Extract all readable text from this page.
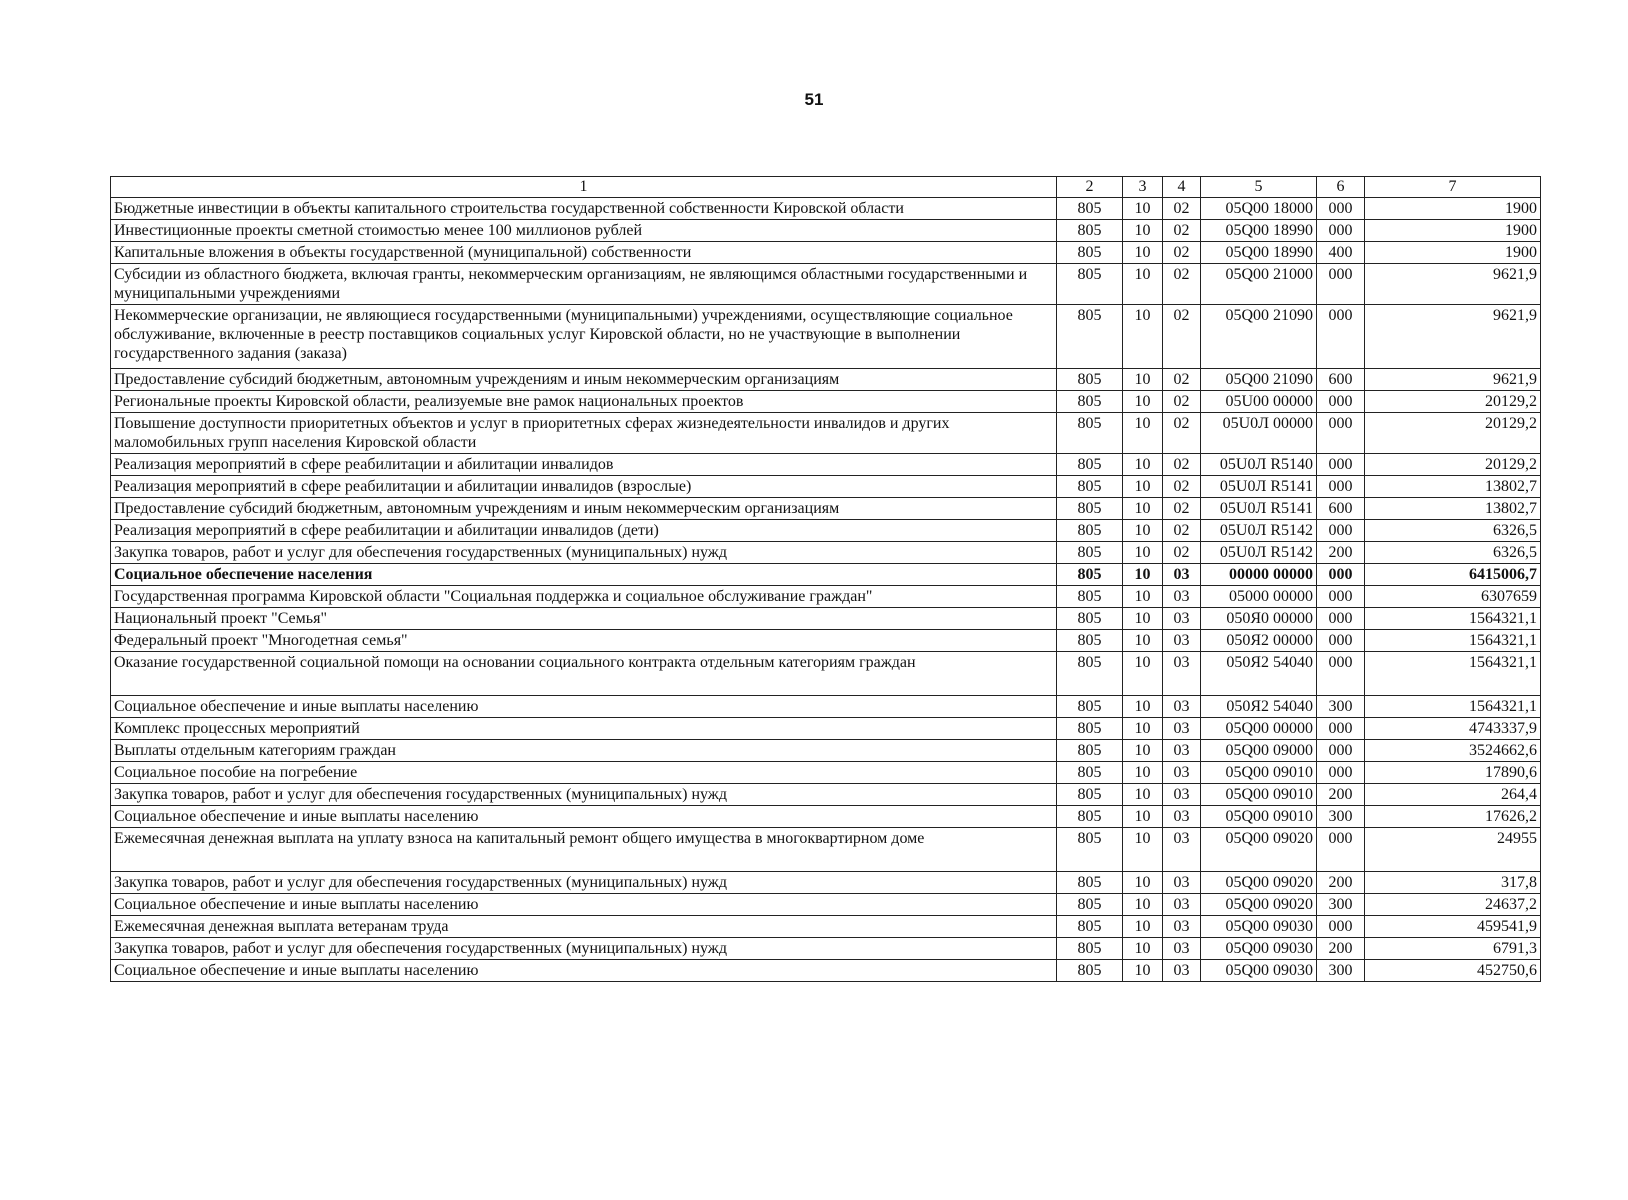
51
1	2	3	4	5	6	7
Бюджетные инвестиции в объекты капитального строительства государственной собственности Кировской области	805	10	02	05Q00 18000	000	1900
Инвестиционные проекты сметной стоимостью менее 100 миллионов рублей	805	10	02	05Q00 18990	000	1900
Капитальные вложения в объекты государственной (муниципальной) собственности	805	10	02	05Q00 18990	400	1900
Субсидии из областного бюджета, включая гранты, некоммерческим организациям, не являющимся областными государственными и муниципальными учреждениями	805	10	02	05Q00 21000	000	9621,9
Некоммерческие организации, не являющиеся государственными (муниципальными) учреждениями, осуществляющие социальное обслуживание, включенные в реестр поставщиков социальных услуг Кировской области, но не участвующие в выполнении государственного задания (заказа)	805	10	02	05Q00 21090	000	9621,9
Предоставление субсидий бюджетным, автономным учреждениям и иным некоммерческим организациям	805	10	02	05Q00 21090	600	9621,9
Региональные проекты Кировской области, реализуемые вне рамок национальных проектов	805	10	02	05U00 00000	000	20129,2
Повышение доступности приоритетных объектов и услуг в приоритетных сферах жизнедеятельности инвалидов и других маломобильных групп населения Кировской области	805	10	02	05U0Л 00000	000	20129,2
Реализация мероприятий в сфере реабилитации и абилитации инвалидов	805	10	02	05U0Л R5140	000	20129,2
Реализация мероприятий в сфере реабилитации и абилитации инвалидов (взрослые)	805	10	02	05U0Л R5141	000	13802,7
Предоставление субсидий бюджетным, автономным учреждениям и иным некоммерческим организациям	805	10	02	05U0Л R5141	600	13802,7
Реализация мероприятий в сфере реабилитации и абилитации инвалидов (дети)	805	10	02	05U0Л R5142	000	6326,5
Закупка товаров, работ и услуг для обеспечения государственных (муниципальных) нужд	805	10	02	05U0Л R5142	200	6326,5
Социальное обеспечение населения	805	10	03	00000 00000	000	6415006,7
Государственная программа Кировской области "Социальная поддержка и социальное обслуживание граждан"	805	10	03	05000 00000	000	6307659
Национальный проект "Семья"	805	10	03	050Я0 00000	000	1564321,1
Федеральный проект "Многодетная семья"	805	10	03	050Я2 00000	000	1564321,1
Оказание государственной социальной помощи на основании социального контракта отдельным категориям граждан	805	10	03	050Я2 54040	000	1564321,1
Социальное обеспечение и иные выплаты населению	805	10	03	050Я2 54040	300	1564321,1
Комплекс процессных мероприятий	805	10	03	05Q00 00000	000	4743337,9
Выплаты отдельным категориям граждан	805	10	03	05Q00 09000	000	3524662,6
Социальное пособие на погребение	805	10	03	05Q00 09010	000	17890,6
Закупка товаров, работ и услуг для обеспечения государственных (муниципальных) нужд	805	10	03	05Q00 09010	200	264,4
Социальное обеспечение и иные выплаты населению	805	10	03	05Q00 09010	300	17626,2
Ежемесячная денежная выплата на уплату взноса на капитальный ремонт общего имущества в многоквартирном доме	805	10	03	05Q00 09020	000	24955
Закупка товаров, работ и услуг для обеспечения государственных (муниципальных) нужд	805	10	03	05Q00 09020	200	317,8
Социальное обеспечение и иные выплаты населению	805	10	03	05Q00 09020	300	24637,2
Ежемесячная денежная выплата ветеранам труда	805	10	03	05Q00 09030	000	459541,9
Закупка товаров, работ и услуг для обеспечения государственных (муниципальных) нужд	805	10	03	05Q00 09030	200	6791,3
Социальное обеспечение и иные выплаты населению	805	10	03	05Q00 09030	300	452750,6
